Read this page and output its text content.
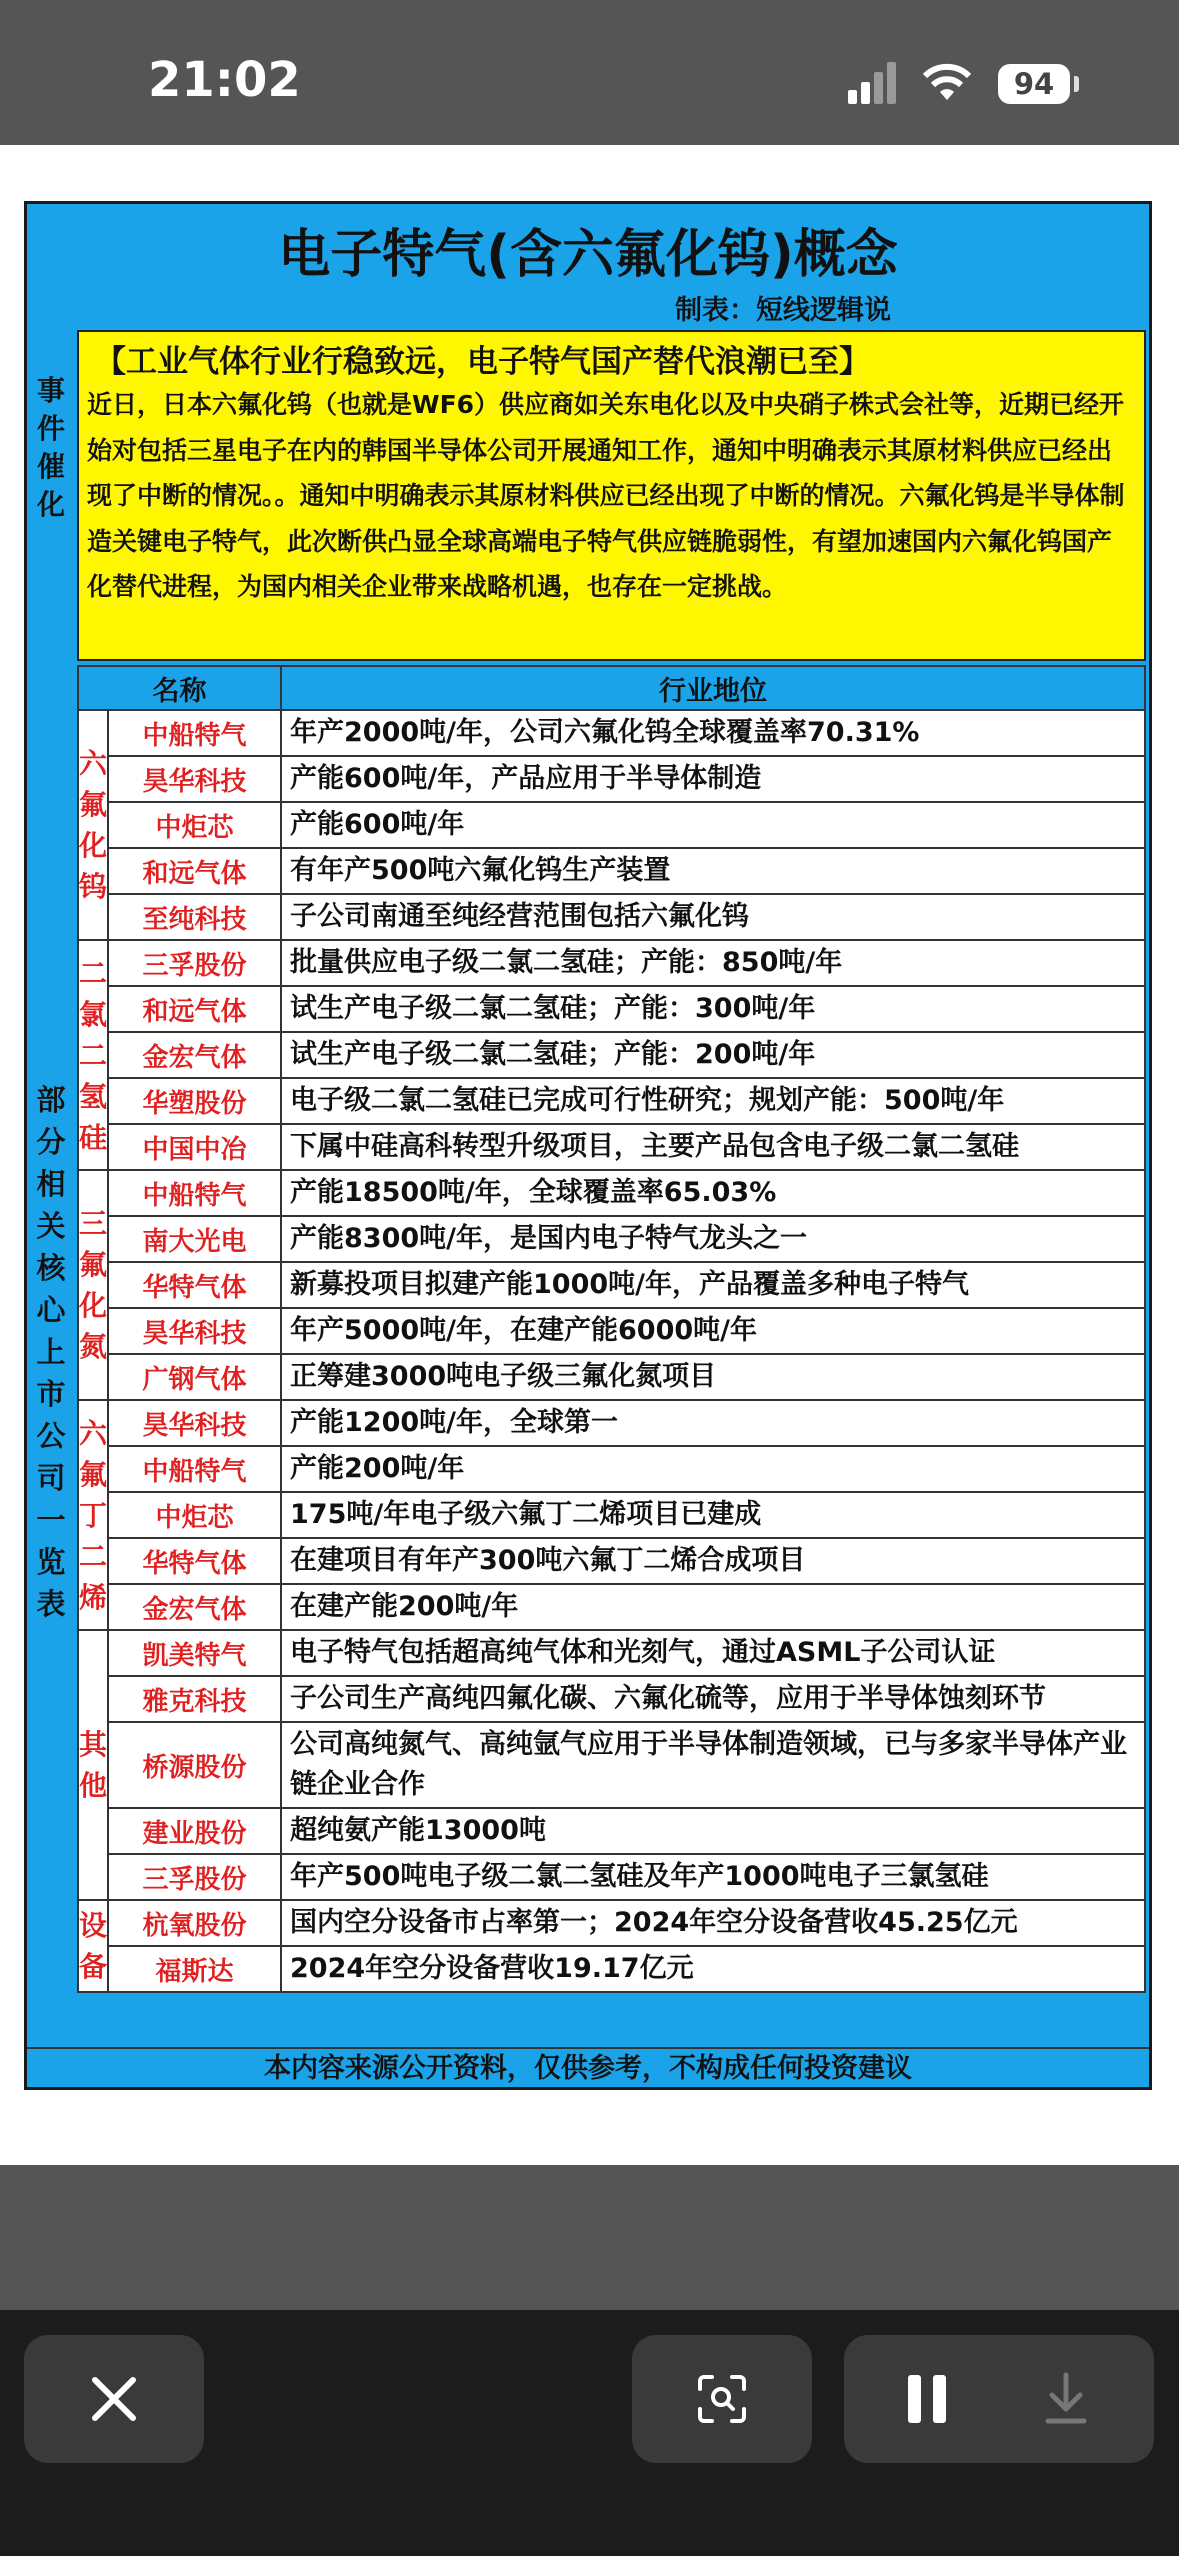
21:02	94
电子特气(含六氟化钨)概念
制表：短线逻辑说
事
件
催
化
【工业气体行业行稳致远，电子特气国产替代浪潮已至】
近日，日本六氟化钨（也就是WF6）供应商如关东电化以及中央硝子株式会社等，近期已经开始对包括三星电子在内的韩国半导体公司开展通知工作，通知中明确表示其原材料供应已经出现了中断的情况。。通知中明确表示其原材料供应已经出现了中断的情况。六氟化钨是半导体制造关键电子特气，此次断供凸显全球高端电子特气供应链脆弱性，有望加速国内六氟化钨国产化替代进程，为国内相关企业带来战略机遇，也存在一定挑战。
部
分
相
关
核
心
上
市
公
司
一
览
表
名称		行业地位

六
氟
化
钨	中船特气	年产2000吨/年，公司六氟化钨全球覆盖率70.31%
	昊华科技	产能600吨/年，产品应用于半导体制造
	中炬芯	产能600吨/年
	和远气体	有年产500吨六氟化钨生产装置
	至纯科技	子公司南通至纯经营范围包括六氟化钨

二
氯
二
氢
硅	三孚股份	批量供应电子级二氯二氢硅；产能：850吨/年
	和远气体	试生产电子级二氯二氢硅；产能：300吨/年
	金宏气体	试生产电子级二氯二氢硅；产能：200吨/年
	华塑股份	电子级二氯二氢硅已完成可行性研究；规划产能：500吨/年
	中国中冶	下属中硅高科转型升级项目，主要产品包含电子级二氯二氢硅

三
氟
化
氮	中船特气	产能18500吨/年，全球覆盖率65.03%
	南大光电	产能8300吨/年，是国内电子特气龙头之一
	华特气体	新募投项目拟建产能1000吨/年，产品覆盖多种电子特气
	昊华科技	年产5000吨/年，在建产能6000吨/年
	广钢气体	正筹建3000吨电子级三氟化氮项目

六
氟
丁
二
烯	昊华科技	产能1200吨/年，全球第一
	中船特气	产能200吨/年
	中炬芯	175吨/年电子级六氟丁二烯项目已建成
	华特气体	在建项目有年产300吨六氟丁二烯合成项目
	金宏气体	在建产能200吨/年

其
他	凯美特气	电子特气包括超高纯气体和光刻气，通过ASML子公司认证
	雅克科技	子公司生产高纯四氟化碳、六氟化硫等，应用于半导体蚀刻环节
	桥源股份	公司高纯氮气、高纯氩气应用于半导体制造领域，已与多家半导体产业链企业合作
	建业股份	超纯氨产能13000吨
	三孚股份	年产500吨电子级二氯二氢硅及年产1000吨电子三氯氢硅

设
备	杭氧股份	国内空分设备市占率第一；2024年空分设备营收45.25亿元
	福斯达	2024年空分设备营收19.17亿元
本内容来源公开资料，仅供参考，不构成任何投资建议
